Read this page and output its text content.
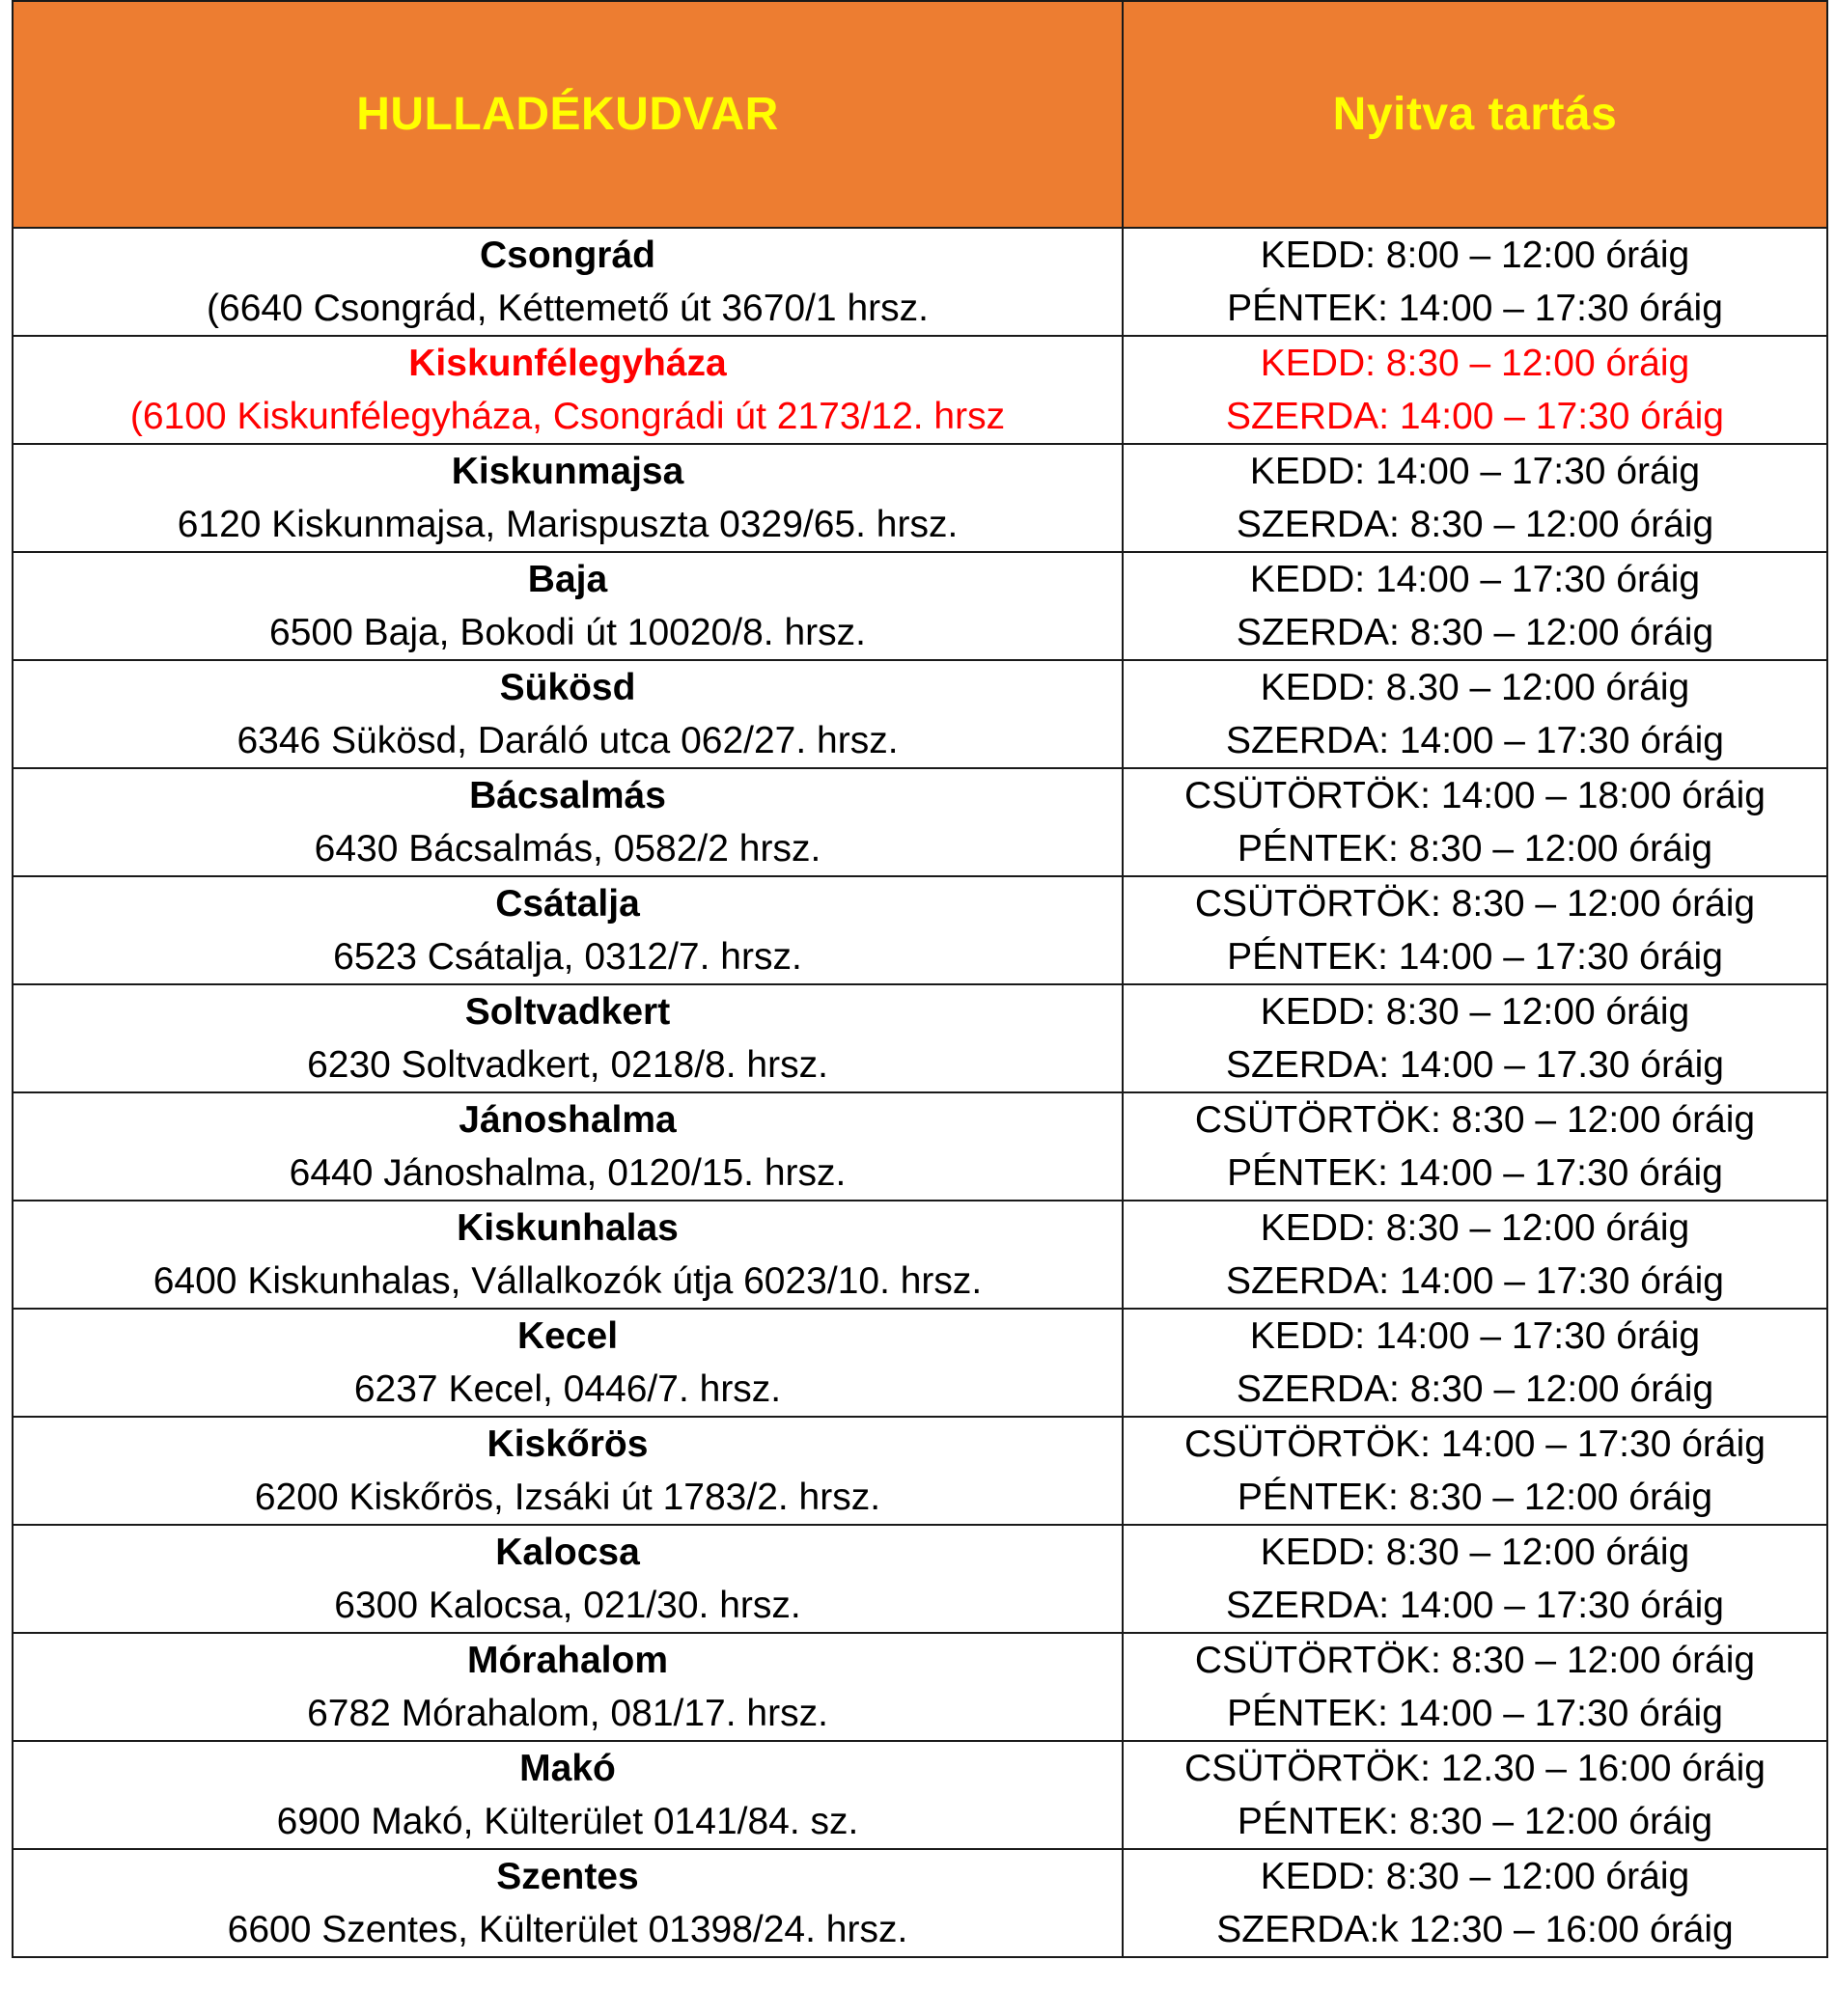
HULLADÉKUDVAR	Nyitva tartás

Csongrád
(6640 Csongrád, Kéttemető út 3670/1 hrsz.	KEDD: 8:00 – 12:00 óráig
PÉNTEK: 14:00 – 17:30 óráig

Kiskunfélegyháza
(6100 Kiskunfélegyháza, Csongrádi út 2173/12. hrsz	KEDD: 8:30 – 12:00 óráig
SZERDA: 14:00 – 17:30 óráig

Kiskunmajsa
6120 Kiskunmajsa, Marispuszta 0329/65. hrsz.	KEDD: 14:00 – 17:30 óráig
SZERDA: 8:30 – 12:00 óráig

Baja
6500 Baja, Bokodi út 10020/8. hrsz.	KEDD: 14:00 – 17:30 óráig
SZERDA: 8:30 – 12:00 óráig

Sükösd
6346 Sükösd, Daráló utca 062/27. hrsz.	KEDD: 8.30 – 12:00 óráig
SZERDA: 14:00 – 17:30 óráig

Bácsalmás
6430 Bácsalmás, 0582/2 hrsz.	CSÜTÖRTÖK: 14:00 – 18:00 óráig
PÉNTEK: 8:30 – 12:00 óráig

Csátalja
6523 Csátalja, 0312/7. hrsz.	CSÜTÖRTÖK: 8:30 – 12:00 óráig
PÉNTEK: 14:00 – 17:30 óráig

Soltvadkert
6230 Soltvadkert, 0218/8. hrsz.	KEDD: 8:30 – 12:00 óráig
SZERDA: 14:00 – 17.30 óráig

Jánoshalma
6440 Jánoshalma, 0120/15. hrsz.	CSÜTÖRTÖK: 8:30 – 12:00 óráig
PÉNTEK: 14:00 – 17:30 óráig

Kiskunhalas
6400 Kiskunhalas, Vállalkozók útja 6023/10. hrsz.	KEDD: 8:30 – 12:00 óráig
SZERDA: 14:00 – 17:30 óráig

Kecel
6237 Kecel, 0446/7. hrsz.	KEDD: 14:00 – 17:30 óráig
SZERDA: 8:30 – 12:00 óráig

Kiskőrös
6200 Kiskőrös, Izsáki út 1783/2. hrsz.	CSÜTÖRTÖK: 14:00 – 17:30 óráig
PÉNTEK: 8:30 – 12:00 óráig

Kalocsa
6300 Kalocsa, 021/30. hrsz.	KEDD: 8:30 – 12:00 óráig
SZERDA: 14:00 – 17:30 óráig

Mórahalom
6782 Mórahalom, 081/17. hrsz.	CSÜTÖRTÖK: 8:30 – 12:00 óráig
PÉNTEK: 14:00 – 17:30 óráig

Makó
6900 Makó, Külterület 0141/84. sz.	CSÜTÖRTÖK: 12.30 – 16:00 óráig
PÉNTEK: 8:30 – 12:00 óráig

Szentes
6600 Szentes, Külterület 01398/24. hrsz.	KEDD: 8:30 – 12:00 óráig
SZERDA:k 12:30 – 16:00 óráig
